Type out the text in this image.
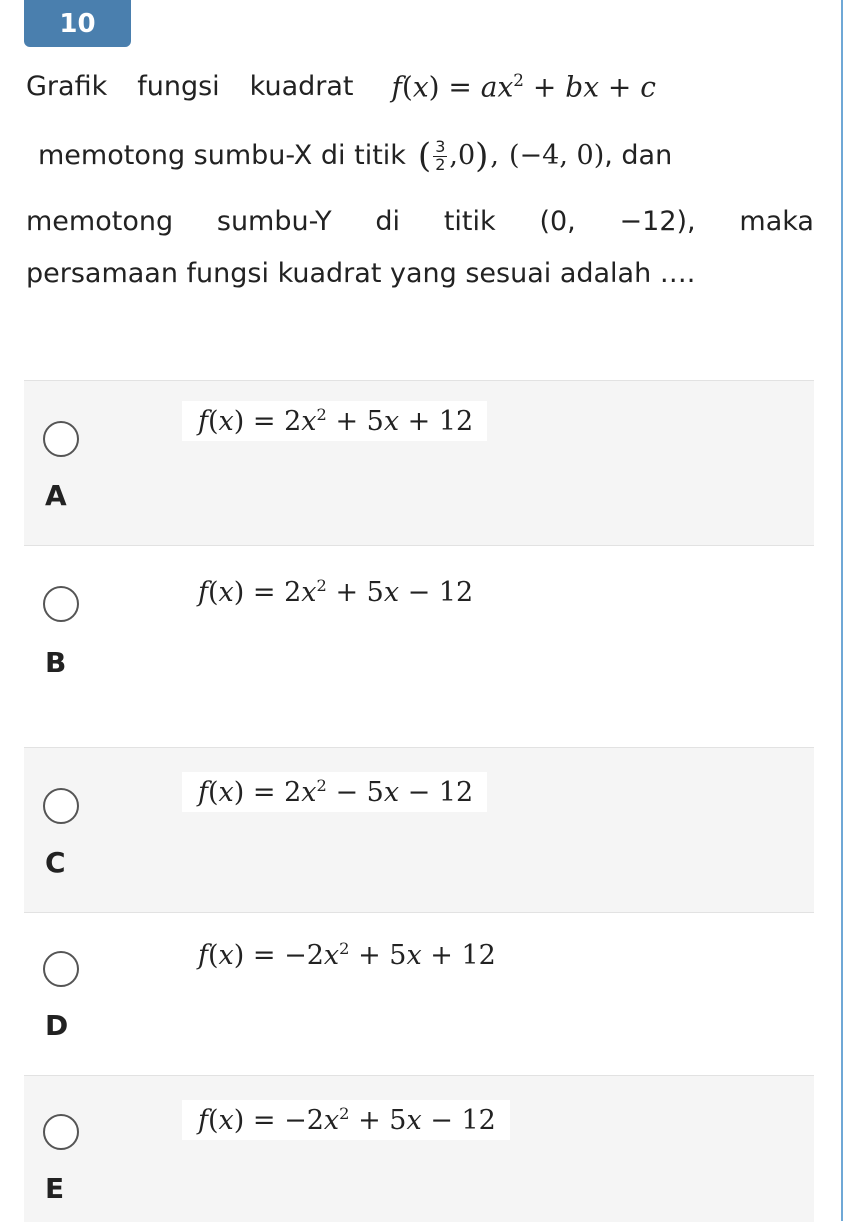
10
Grafik fungsi kuadrat $f(x) = ax^2$ + bx + c
memotong sumbu-X di titik ( $\frac{3}{2}$ , 0 ) , (−4, 0) , dan
memotong sumbu-Y di titik (0, −12), maka
persamaan fungsi kuadrat yang sesuai adalah ….
$f(x) = 2x^2 + 5x + 12$
A
$f(x) = 2x^2 + 5x - 12$
B
$f(x) = 2x^2 - 5x - 12$
C
$f(x) = -2x^2 + 5x + 12$
D
$f(x) = -2x^2 + 5x - 12$
E
